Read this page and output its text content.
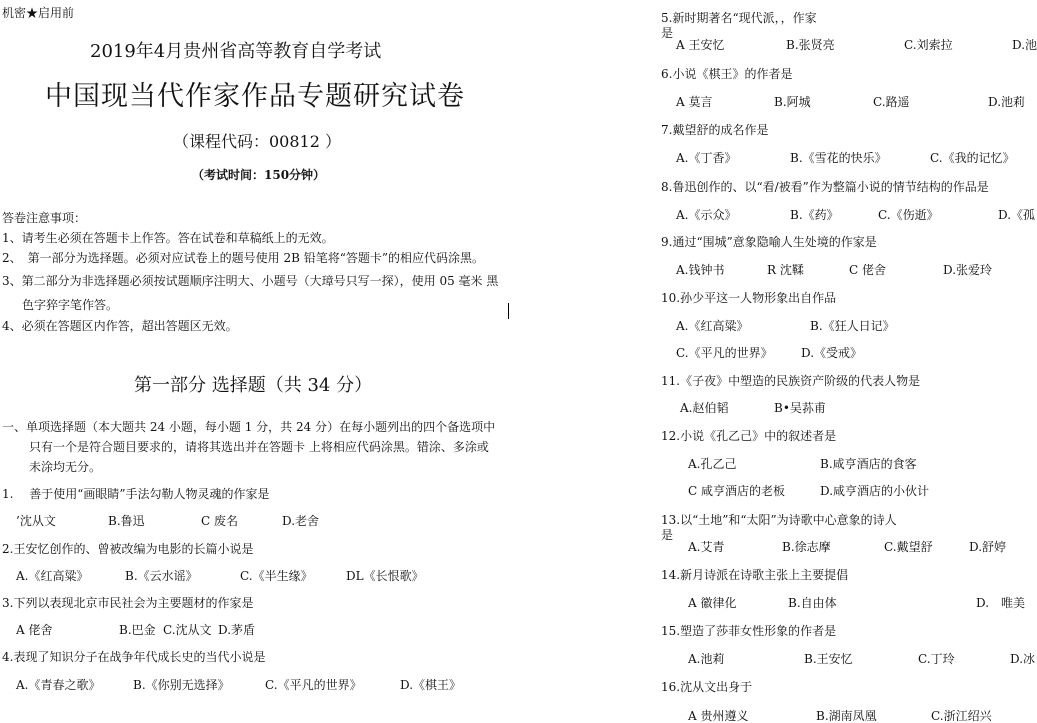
机密★启用前
2019年4月贵州省高等教育自学考试
中国现当代作家作品专题研究试卷
（课程代码：00812 ）
（考试时间：150分钟）
答卷注意事项：
1、请考生必须在答题卡上作答。答在试卷和草稿纸上的无效。
2、　第一部分为选择题。必须对应试卷上的题号使用 2B 铅笔将“答题卡”的相应代码涂黑。
3、第二部分为非选择题必须按试题顺序注明大、小题号（大璋号只写一探），使用 05 毫米 黑
色字猝字笔作答。
4、必须在答题区内作答，超出答题区无效。
第一部分 选择题（共 34 分）
一、单项选择题（本大题共 24 小题，每小题 1 分，共 24 分）在每小题列出的四个备选项中
只有一个是符合题目要求的，请将其选出并在答题卡 上将相应代码涂黑。错涂、多涂或
未涂均无分。
1.　 善于使用“画眼睛”手法勾勒人物灵魂的作家是
’沈从文	B.鲁迅	C 废名	D.老舍
2.王安忆创作的、曾被改编为电影的长篇小说是
A.《红高粱》	B.《云水谣》	C.《半生缘》	DL《长恨歌》
3.下列以表现北京市民社会为主要题材的作家是
A 佬舍	B.巴金 C.沈从文 D.茅盾
4.表现了知识分子在战争年代成长史的当代小说是
A.《青春之歌》	B.《你别无选择》	C.《平凡的世界》	D.《棋王》
5.新时期著名“现代派，，作家
是
A 王安忆	B.张贤亮	C.刘索拉	D.池
6.小说《棋王》的作者是
A 莫言	B.阿城	C.路遥	D.池莉
7.戴望舒的成名作是
A.《丁香》	B.《雪花的快乐》	C.《我的记忆》
8.鲁迅创作的、以“看/被看”作为整篇小说的情节结构的作品是
A.《示众》	B.《药》	C.《伤逝》	D.《孤
9.通过“围城”意象隐喻人生处境的作家是
A.钱钟书	R 沈鞣	C 佬舍	D.张爱玲
10.孙少平这一人物形象出自作品
A.《红高粱》	B.《狂人日记》
C.《平凡的世界》 D.《受戒》
11.《子夜》中塑造的民族资产阶级的代表人物是
A.赵伯韬	B•吴荪甫
12.小说《孔乙己》中的叙述者是
A.孔乙己	B.咸亨酒店的食客
C 咸亨酒店的老板	D.咸亨酒店的小伙计
13.以“土地”和“太阳”为诗歌中心意象的诗人
是
A.艾青	B.徐志摩	C.戴望舒	D.舒婷
14.新月诗派在诗歌主张上主要提倡
A 徽律化	B.自由体	D.　唯美
15.塑造了莎菲女性形象的作者是
A.池莉	B.王安忆	C.丁玲	D.冰
16.沈从文出身于
A 贵州遵义	B.湖南凤凰	C.浙江绍兴
